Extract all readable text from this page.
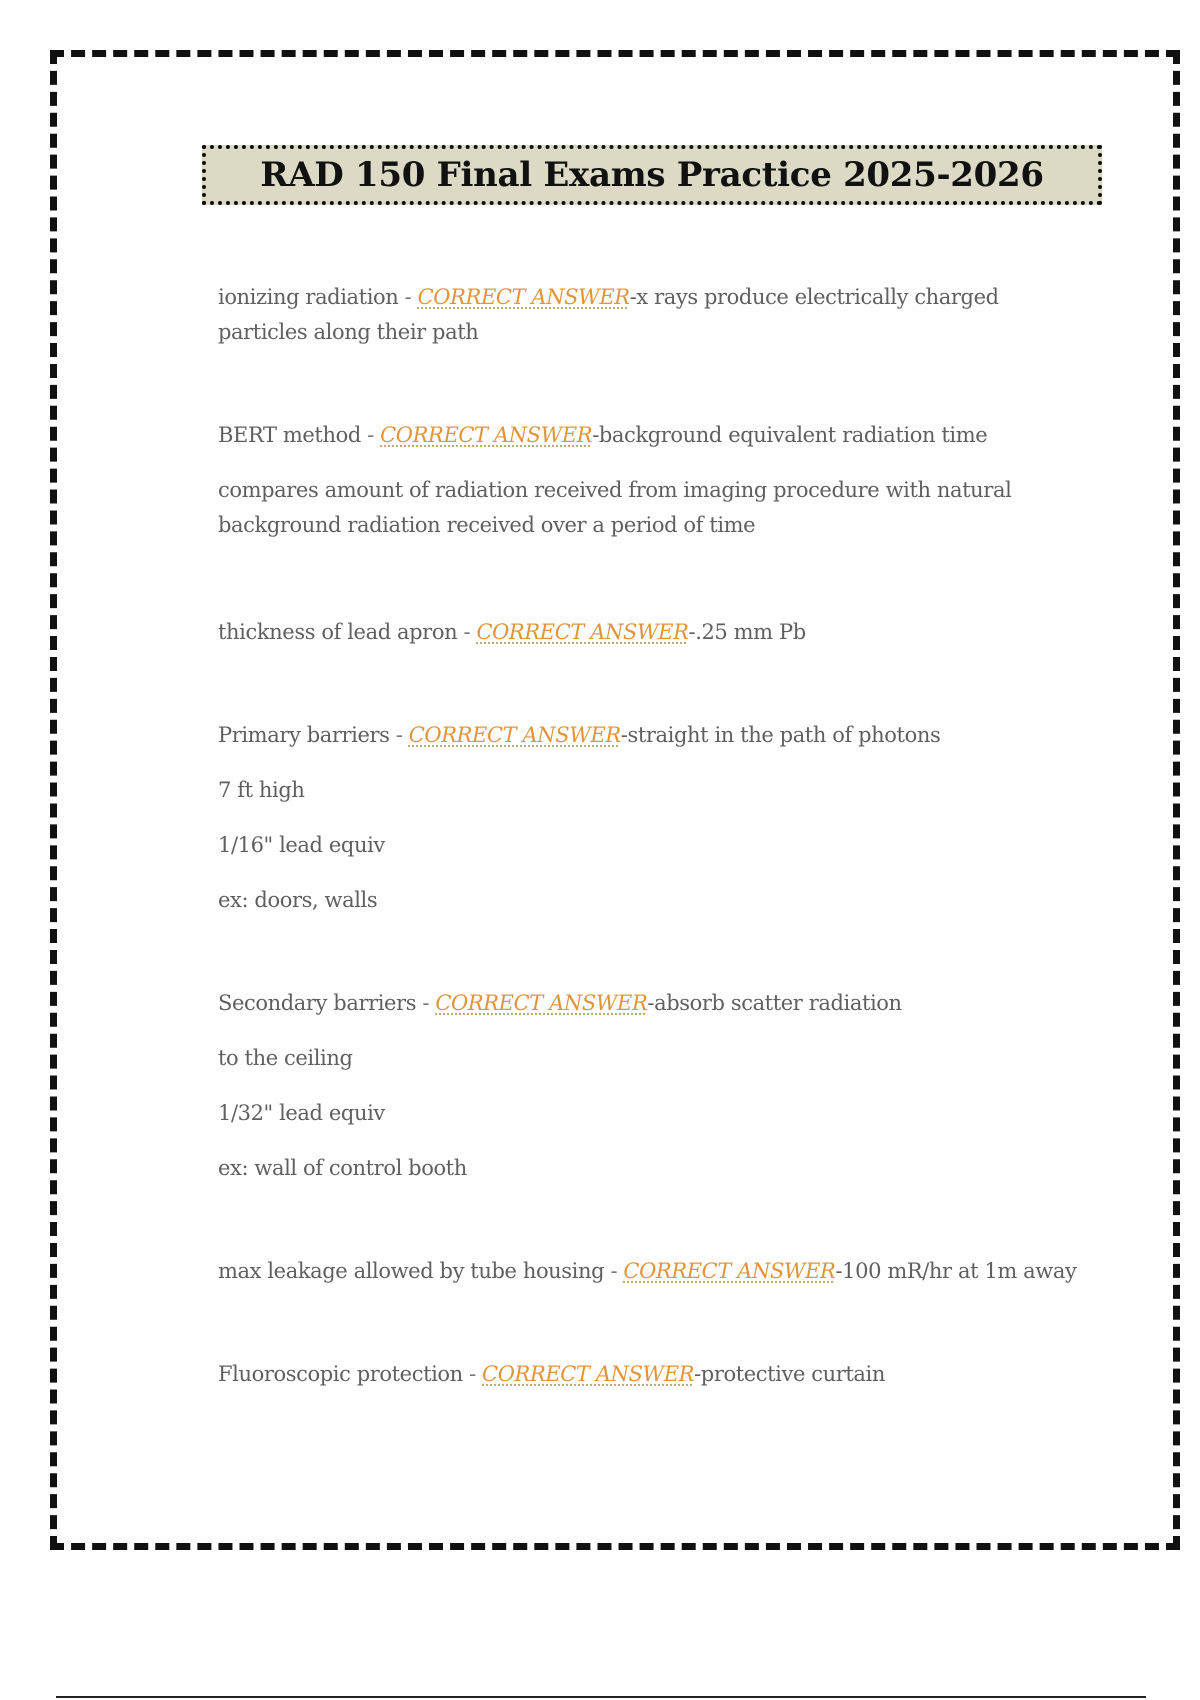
RAD 150 Final Exams Practice 2025-2026

ionizing radiation - CORRECT ANSWER-x rays produce electrically charged particles along their path

BERT method - CORRECT ANSWER-background equivalent radiation time

compares amount of radiation received from imaging procedure with natural background radiation received over a period of time

thickness of lead apron - CORRECT ANSWER-.25 mm Pb

Primary barriers - CORRECT ANSWER-straight in the path of photons

7 ft high

1/16" lead equiv

ex: doors, walls

Secondary barriers - CORRECT ANSWER-absorb scatter radiation

to the ceiling

1/32" lead equiv

ex: wall of control booth

max leakage allowed by tube housing - CORRECT ANSWER-100 mR/hr at 1m away

Fluoroscopic protection - CORRECT ANSWER-protective curtain
